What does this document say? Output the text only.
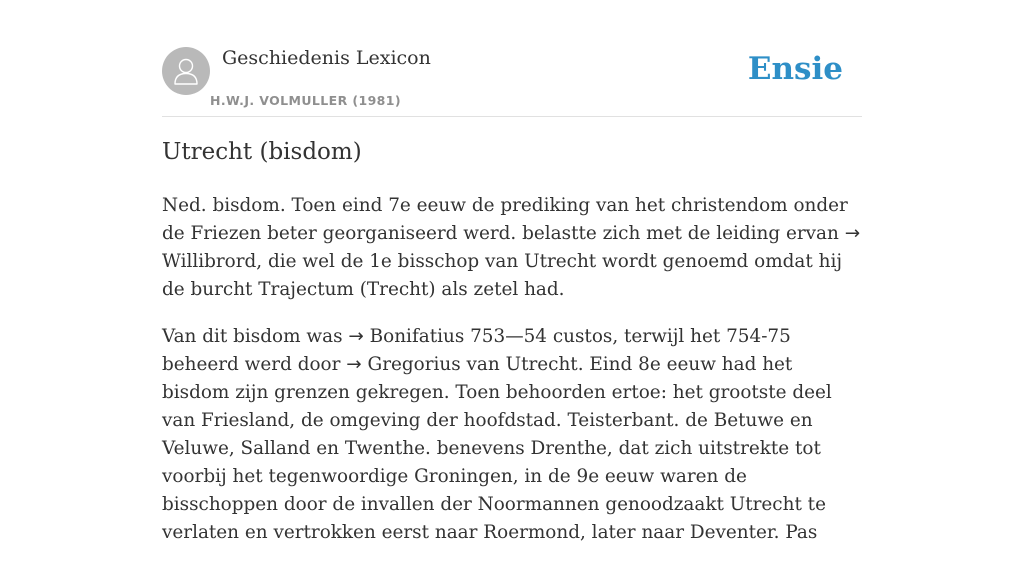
Geschiedenis Lexicon
H.W.J. VOLMULLER (1981)
Ensie
Utrecht (bisdom)

Ned. bisdom. Toen eind 7e eeuw de prediking van het christendom onder de Friezen beter georganiseerd werd. belastte zich met de leiding ervan → Willibrord, die wel de 1e bisschop van Utrecht wordt genoemd omdat hij de burcht Trajectum (Trecht) als zetel had.

Van dit bisdom was → Bonifatius 753—54 custos, terwijl het 754-75 beheerd werd door → Gregorius van Utrecht. Eind 8e eeuw had het bisdom zijn grenzen gekregen. Toen behoorden ertoe: het grootste deel van Friesland, de omgeving der hoofdstad. Teisterbant. de Betuwe en Veluwe, Salland en Twenthe. benevens Drenthe, dat zich uitstrekte tot voorbij het tegenwoordige Groningen, in de 9e eeuw waren de bisschoppen door de invallen der Noormannen genoodzaakt Utrecht te verlaten en vertrokken eerst naar Roermond, later naar Deventer. Pas
